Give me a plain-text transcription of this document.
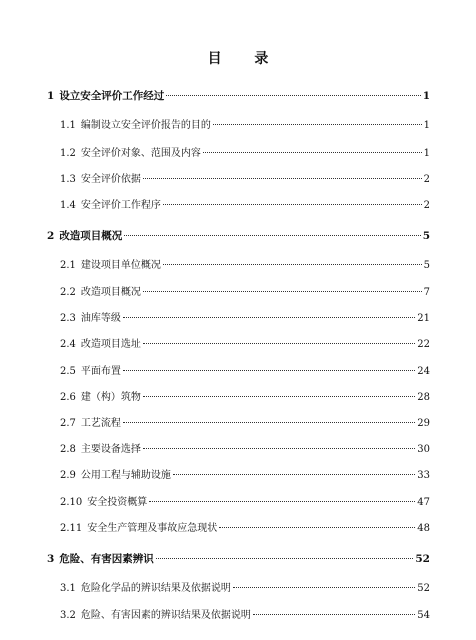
目 录
1 设立安全评价工作经过	1
1.1 编制设立安全评价报告的目的	1
1.2 安全评价对象、范围及内容	1
1.3 安全评价依据	2
1.4 安全评价工作程序	2
2 改造项目概况	5
2.1 建设项目单位概况	5
2.2 改造项目概况	7
2.3 油库等级	21
2.4 改造项目选址	22
2.5 平面布置	24
2.6 建（构）筑物	28
2.7 工艺流程	29
2.8 主要设备选择	30
2.9 公用工程与辅助设施	33
2.10 安全投资概算	47
2.11 安全生产管理及事故应急现状	48
3 危险、有害因素辨识	52
3.1 危险化学品的辨识结果及依据说明	52
3.2 危险、有害因素的辨识结果及依据说明	54
